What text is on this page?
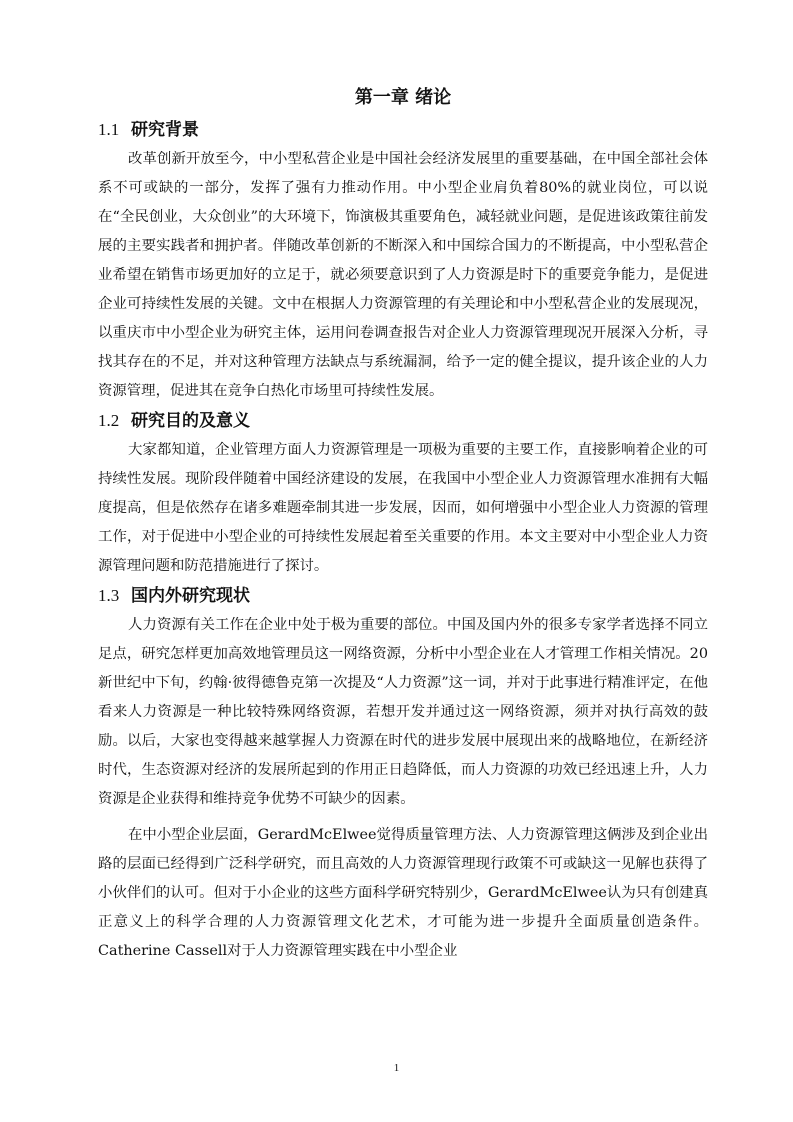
第一章 绪论
1.1 研究背景

改革创新开放至今，中小型私营企业是中国社会经济发展里的重要基础，在中国全部社会体系不可或缺的一部分，发挥了强有力推动作用。中小型企业肩负着80%的就业岗位，可以说在“全民创业，大众创业”的大环境下，饰演极其重要角色，减轻就业问题，是促进该政策往前发展的主要实践者和拥护者。伴随改革创新的不断深入和中国综合国力的不断提高，中小型私营企业希望在销售市场更加好的立足于，就必须要意识到了人力资源是时下的重要竞争能力，是促进企业可持续性发展的关键。文中在根据人力资源管理的有关理论和中小型私营企业的发展现况，以重庆市中小型企业为研究主体，运用问卷调查报告对企业人力资源管理现况开展深入分析，寻找其存在的不足，并对这种管理方法缺点与系统漏洞，给予一定的健全提议，提升该企业的人力资源管理，促进其在竞争白热化市场里可持续性发展。

1.2 研究目的及意义

大家都知道，企业管理方面人力资源管理是一项极为重要的主要工作，直接影响着企业的可持续性发展。现阶段伴随着中国经济建设的发展，在我国中小型企业人力资源管理水准拥有大幅度提高，但是依然存在诸多难题牵制其进一步发展，因而，如何增强中小型企业人力资源的管理工作，对于促进中小型企业的可持续性发展起着至关重要的作用。本文主要对中小型企业人力资源管理问题和防范措施进行了探讨。

1.3 国内外研究现状

人力资源有关工作在企业中处于极为重要的部位。中国及国内外的很多专家学者选择不同立足点，研究怎样更加高效地管理员这一网络资源，分析中小型企业在人才管理工作相关情况。20新世纪中下旬，约翰·彼得德鲁克第一次提及“人力资源”这一词，并对于此事进行精准评定，在他看来人力资源是一种比较特殊网络资源，若想开发并通过这一网络资源，须并对执行高效的鼓励。以后，大家也变得越来越掌握人力资源在时代的进步发展中展现出来的战略地位，在新经济时代，生态资源对经济的发展所起到的作用正日趋降低，而人力资源的功效已经迅速上升，人力资源是企业获得和维持竞争优势不可缺少的因素。

在中小型企业层面，GerardMcElwee觉得质量管理方法、人力资源管理这俩涉及到企业出路的层面已经得到广泛科学研究，而且高效的人力资源管理现行政策不可或缺这一见解也获得了小伙伴们的认可。但对于小企业的这些方面科学研究特别少，GerardMcElwee认为只有创建真正意义上的科学合理的人力资源管理文化艺术，才可能为进一步提升全面质量创造条件。Catherine Cassell对于人力资源管理实践在中小型企业

1
